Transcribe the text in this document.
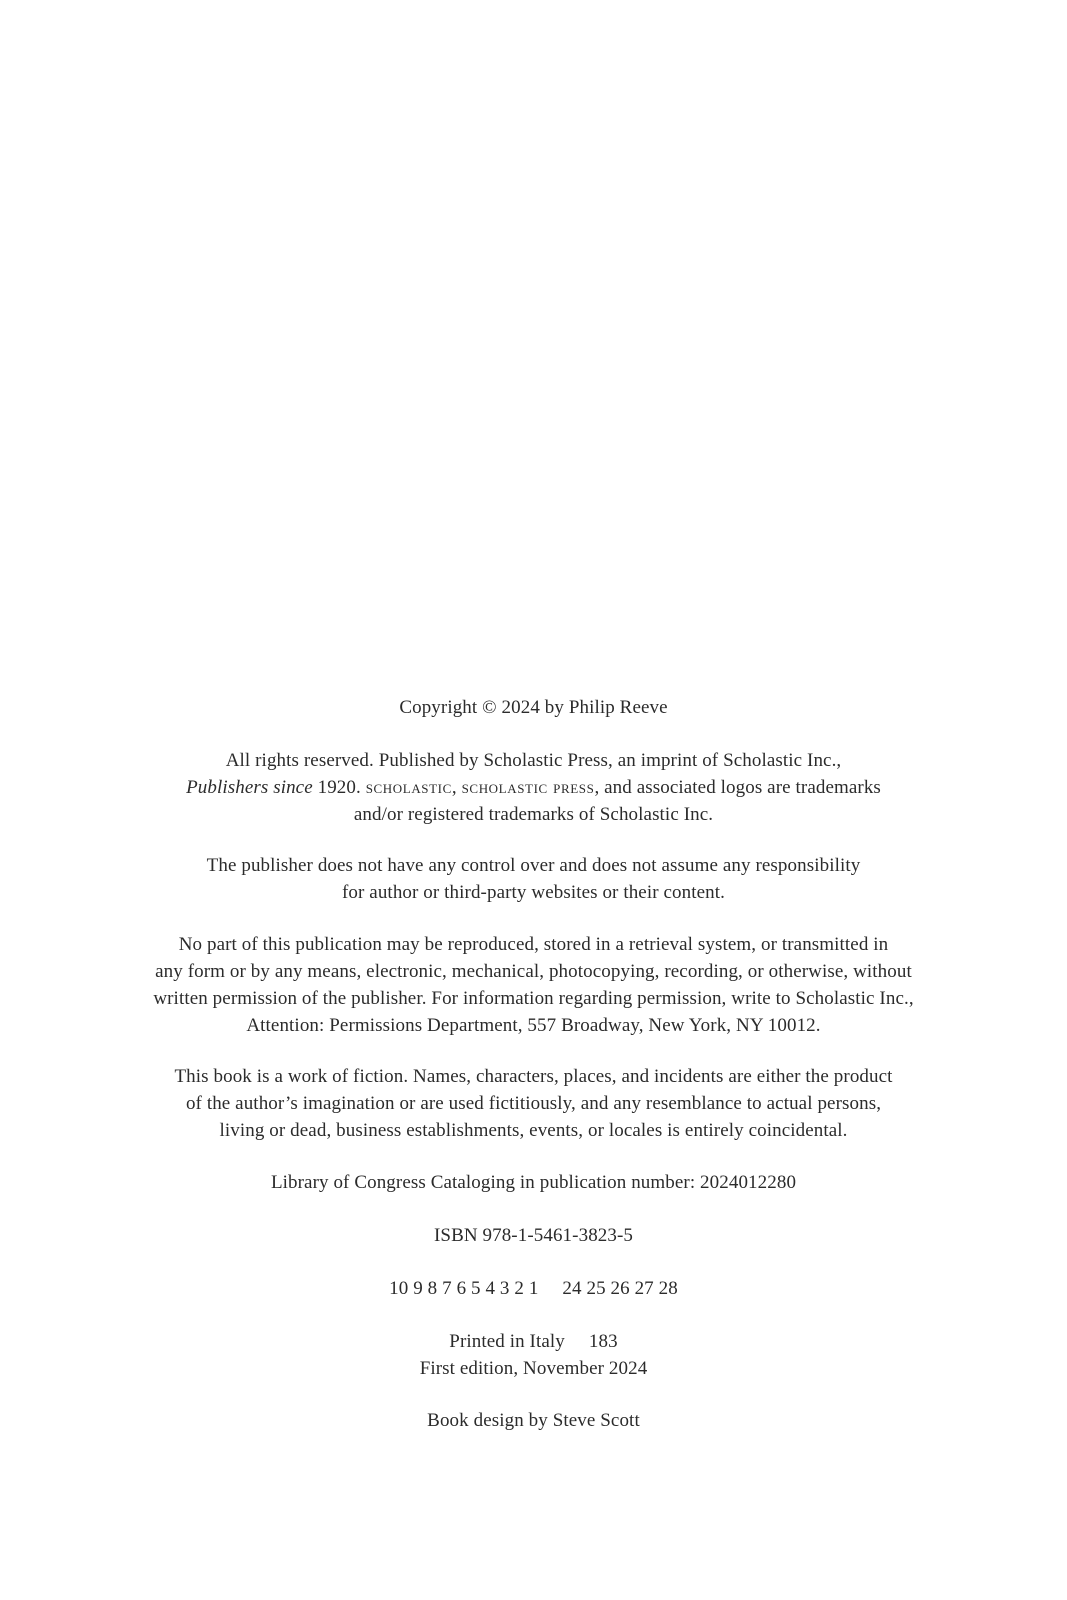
Copyright © 2024 by Philip Reeve
All rights reserved. Published by Scholastic Press, an imprint of Scholastic Inc.,
Publishers since 1920. scholastic, scholastic press, and associated logos are trademarks
and/or registered trademarks of Scholastic Inc.
The publisher does not have any control over and does not assume any responsibility
for author or third-party websites or their content.
No part of this publication may be reproduced, stored in a retrieval system, or transmitted in
any form or by any means, electronic, mechanical, photocopying, recording, or otherwise, without
written permission of the publisher. For information regarding permission, write to Scholastic Inc.,
Attention: Permissions Department, 557 Broadway, New York, NY 10012.
This book is a work of fiction. Names, characters, places, and incidents are either the product
of the author’s imagination or are used fictitiously, and any resemblance to actual persons,
living or dead, business establishments, events, or locales is entirely coincidental.
Library of Congress Cataloging in publication number: 2024012280
ISBN 978-1-5461-3823-5
10 9 8 7 6 5 4 3 2 1 24 25 26 27 28
Printed in Italy 183
First edition, November 2024
Book design by Steve Scott
